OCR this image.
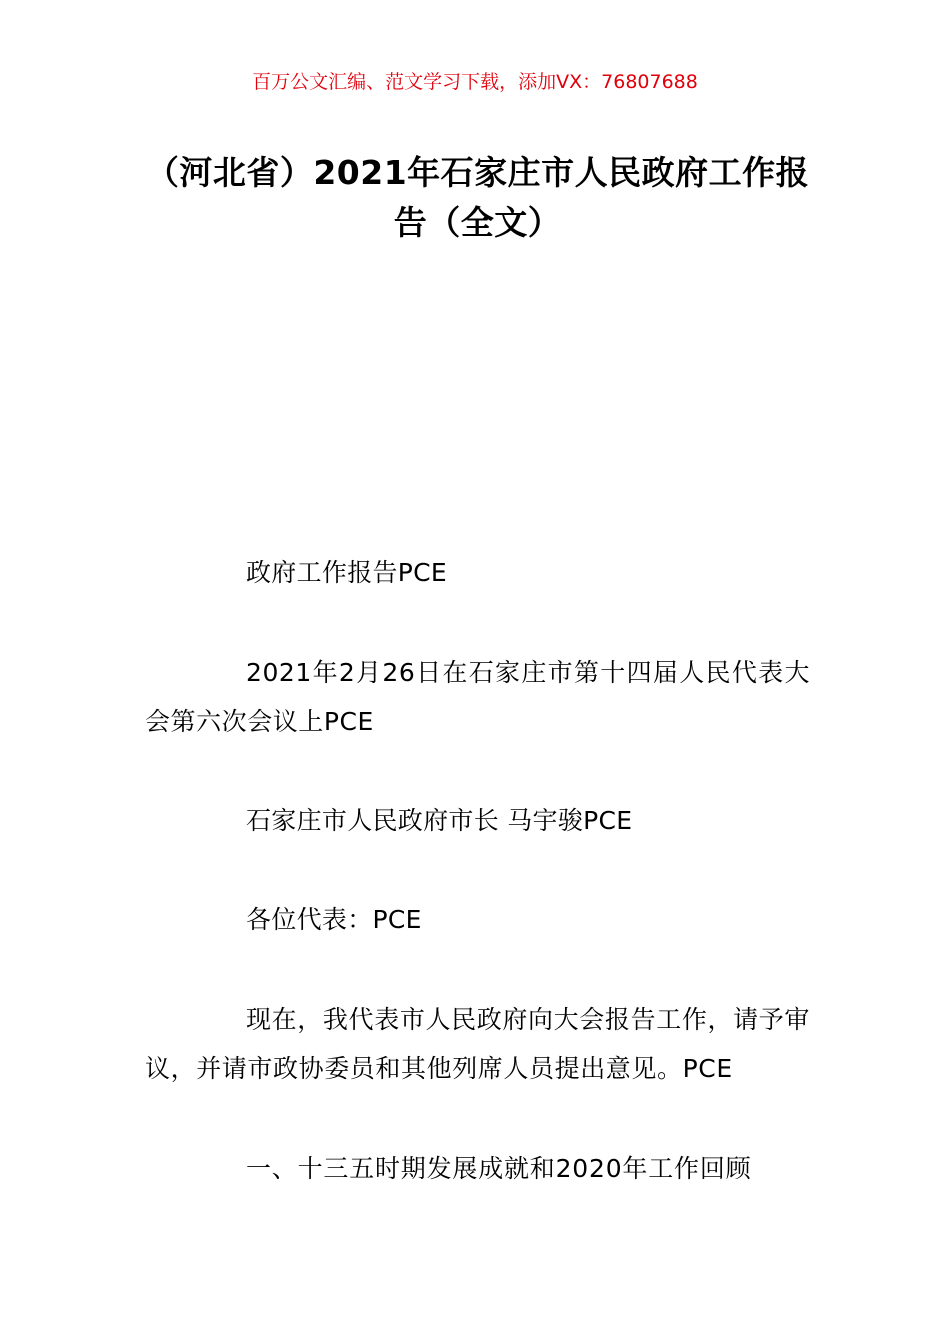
百万公文汇编、范文学习下载，添加VX：76807688
（河北省）2021年石家庄市人民政府工作报告（全文）
政府工作报告PCE
2021年2月26日在石家庄市第十四届人民代表大会第六次会议上PCE
石家庄市人民政府市长 马宇骏PCE
各位代表：PCE
现在，我代表市人民政府向大会报告工作，请予审议，并请市政协委员和其他列席人员提出意见。PCE
一、十三五时期发展成就和2020年工作回顾
